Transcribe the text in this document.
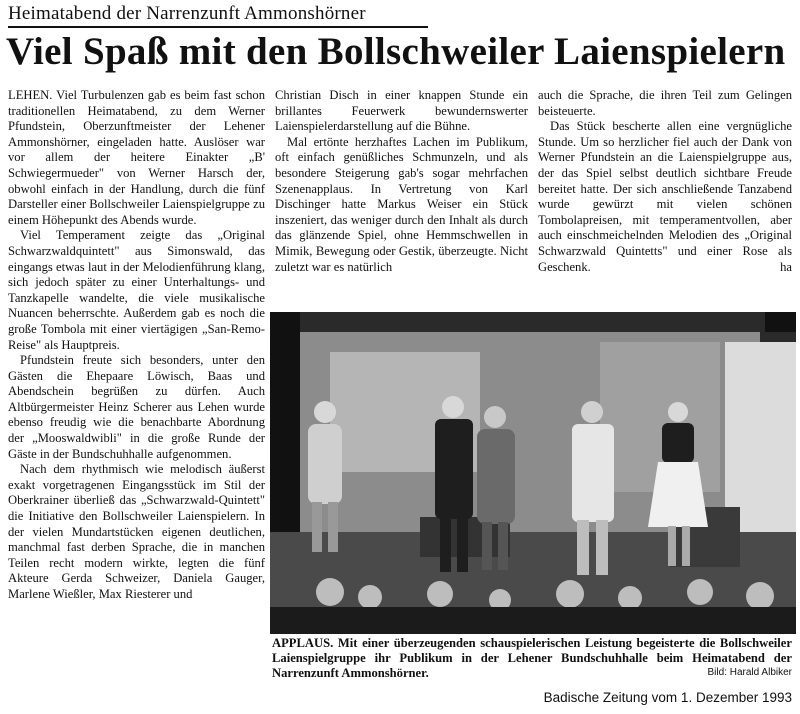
Heimatabend der Narrenzunft Ammonshörner
Viel Spaß mit den Bollschweiler Laienspielern

LEHEN. Viel Turbulenzen gab es beim fast schon traditionellen Heimatabend, zu dem Werner Pfundstein, Oberzunftmeister der Lehener Ammonshörner, eingeladen hatte. Auslöser war vor allem der heitere Einakter „B' Schwiegermueder" von Werner Harsch der, obwohl einfach in der Handlung, durch die fünf Darsteller einer Bollschweiler Laienspielgruppe zu einem Höhepunkt des Abends wurde.

Viel Temperament zeigte das „Original Schwarzwaldquintett" aus Simonswald, das eingangs etwas laut in der Melodienführung klang, sich jedoch später zu einer Unterhaltungs- und Tanzkapelle wandelte, die viele musikalische Nuancen beherrschte. Außerdem gab es noch die große Tombola mit einer viertägigen „San-Remo-Reise" als Hauptpreis.

Pfundstein freute sich besonders, unter den Gästen die Ehepaare Löwisch, Baas und Abendschein begrüßen zu dürfen. Auch Altbürgermeister Heinz Scherer aus Lehen wurde ebenso freudig wie die benachbarte Abordnung der „Mooswaldwibli" in die große Runde der Gäste in der Bundschuhhalle aufgenommen.

Nach dem rhythmisch wie melodisch äußerst exakt vorgetragenen Eingangsstück im Stil der Oberkrainer überließ das „Schwarzwald-Quintett" die Initiative den Bollschweiler Laienspielern. In der vielen Mundartstücken eigenen deutlichen, manchmal fast derben Sprache, die in manchen Teilen recht modern wirkte, legten die fünf Akteure Gerda Schweizer, Daniela Gauger, Marlene Wießler, Max Riesterer und

Christian Disch in einer knappen Stunde ein brillantes Feuerwerk bewundernswerter Laienspielerdarstellung auf die Bühne.

Mal ertönte herzhaftes Lachen im Publikum, oft einfach genüßliches Schmunzeln, und als besondere Steigerung gab's sogar mehrfachen Szenenapplaus. In Vertretung von Karl Dischinger hatte Markus Weiser ein Stück inszeniert, das weniger durch den Inhalt als durch das glänzende Spiel, ohne Hemmschwellen in Mimik, Bewegung oder Gestik, überzeugte. Nicht zuletzt war es natürlich

auch die Sprache, die ihren Teil zum Gelingen beisteuerte.

Das Stück bescherte allen eine vergnügliche Stunde. Um so herzlicher fiel auch der Dank von Werner Pfundstein an die Laienspielgruppe aus, der das Spiel selbst deutlich sichtbare Freude bereitet hatte. Der sich anschließende Tanzabend wurde gewürzt mit vielen schönen Tombolapreisen, mit temperamentvollen, aber auch einschmeichelnden Melodien des „Original Schwarzwald Quintetts" und einer Rose als Geschenk.	ha

APPLAUS. Mit einer überzeugenden schauspielerischen Leistung begeisterte die Bollschweiler Laienspielgruppe ihr Publikum in der Lehener Bundschuhhalle beim Heimatabend der Narrenzunft Ammonshörner.	Bild: Harald Albiker
Badische Zeitung vom 1. Dezember 1993
